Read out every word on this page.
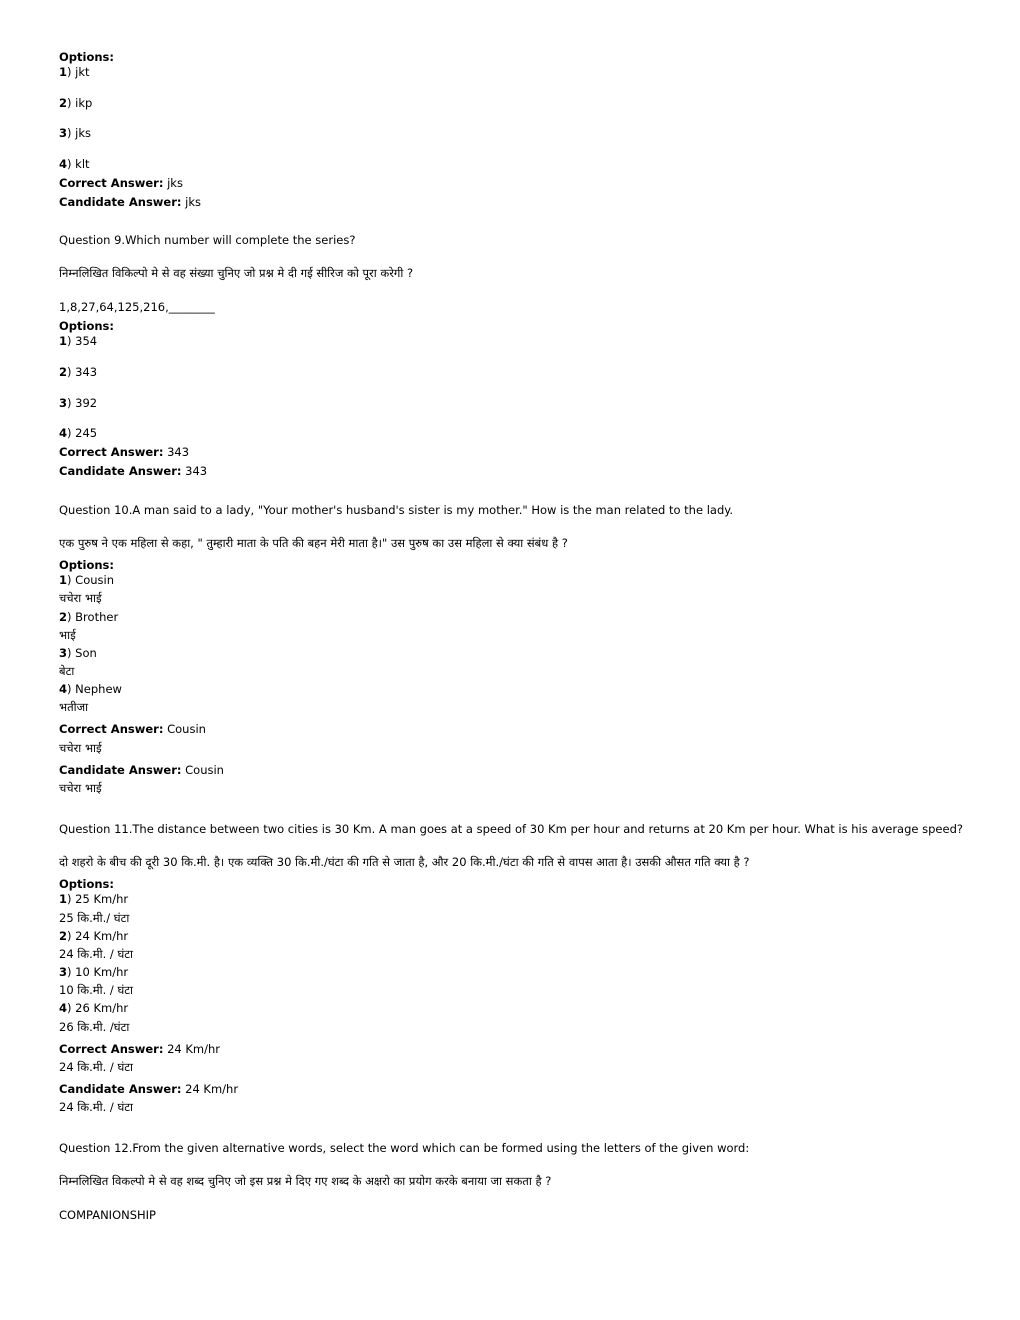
Options:
1) jkt
2) ikp
3) jks
4) klt
Correct Answer: jks
Candidate Answer: jks
Question 9.Which number will complete the series?
निम्नलिखित विकिल्पो मे से वह संख्या चुनिए जो प्रश्न मे दी गई सीरिज को पूरा करेगी ?
1,8,27,64,125,216,________
Options:
1) 354
2) 343
3) 392
4) 245
Correct Answer: 343
Candidate Answer: 343
Question 10.A man said to a lady, "Your mother's husband's sister is my mother." How is the man related to the lady.
एक पुरुष ने एक महिला से कहा, " तुम्हारी माता के पति की बहन मेरी माता है।" उस पुरुष का उस महिला से क्या संबंध है ?
Options:
1) Cousin
चचेरा भाई
2) Brother
भाई
3) Son
बेटा
4) Nephew
भतीजा
Correct Answer: Cousin
चचेरा भाई
Candidate Answer: Cousin
चचेरा भाई
Question 11.The distance between two cities is 30 Km. A man goes at a speed of 30 Km per hour and returns at 20 Km per hour. What is his average speed?
दो शहरो के बीच की दूरी 30 कि.मी. है। एक व्यक्ति 30 कि.मी./घंटा की गति से जाता है, और 20 कि.मी./घंटा की गति से वापस आता है। उसकी औसत गति क्या है ?
Options:
1) 25 Km/hr
25 कि.मी./ घंटा
2) 24 Km/hr
24 कि.मी. / घंटा
3) 10 Km/hr
10 कि.मी. / घंटा
4) 26 Km/hr
26 कि.मी. /घंटा
Correct Answer: 24 Km/hr
24 कि.मी. / घंटा
Candidate Answer: 24 Km/hr
24 कि.मी. / घंटा
Question 12.From the given alternative words, select the word which can be formed using the letters of the given word:
निम्नलिखित विकल्पो मे से वह शब्द चुनिए जो इस प्रश्न मे दिए गए शब्द के अक्षरो का प्रयोग करके बनाया जा सकता है ?
COMPANIONSHIP
